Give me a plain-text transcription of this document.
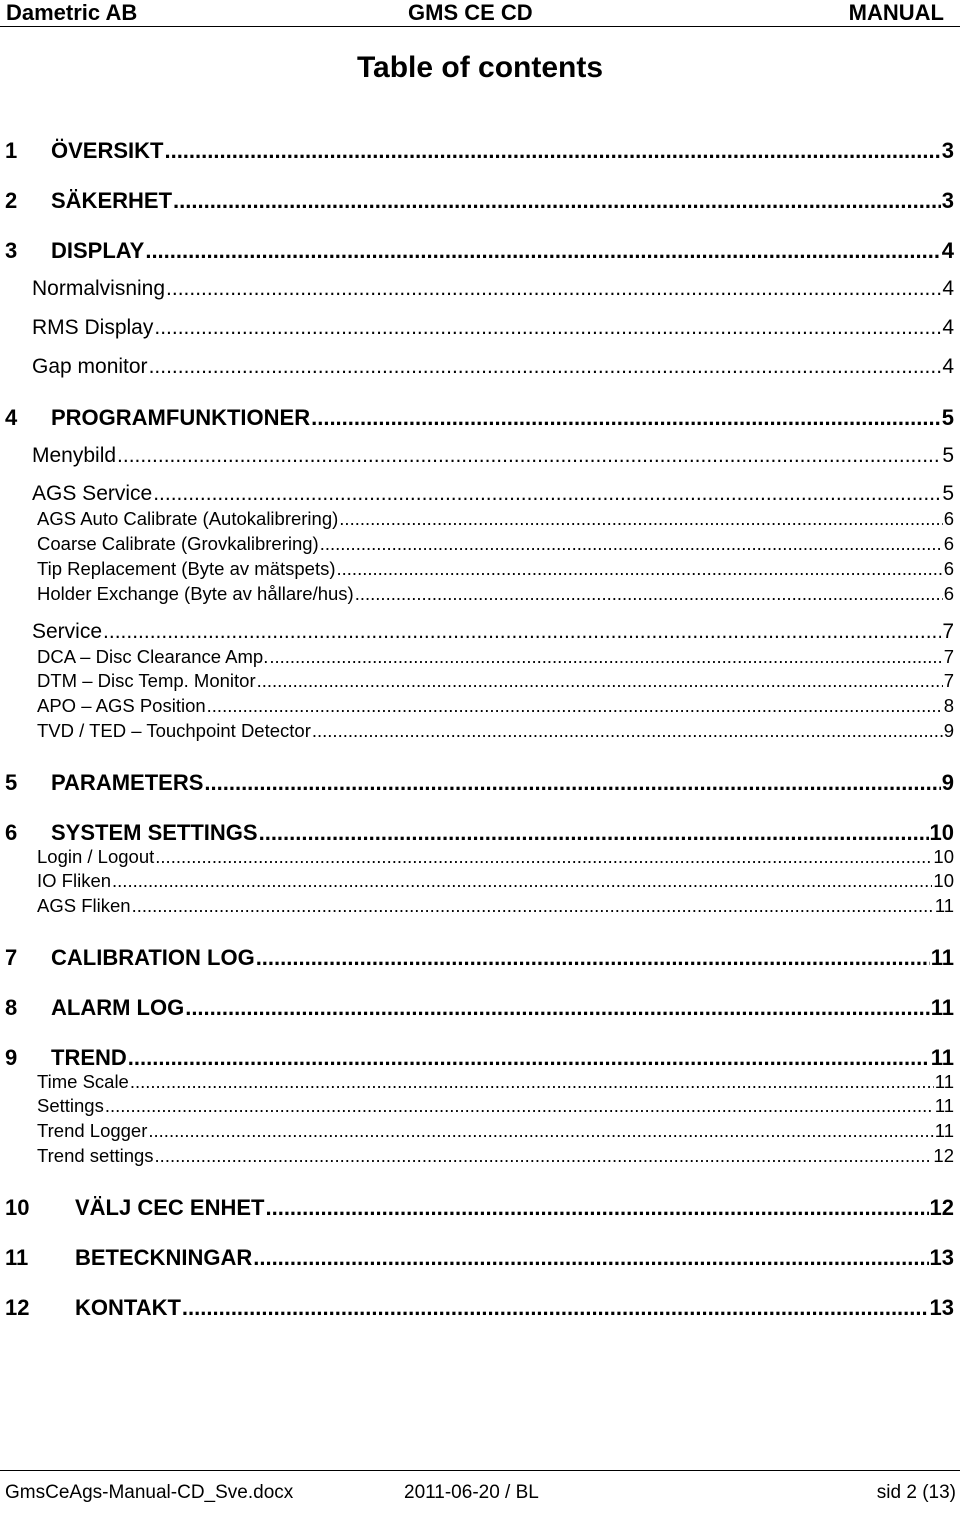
Dametric AB	GMS CE CD	MANUAL
Table of contents
1	ÖVERSIKT .....	3
2	SÄKERHET .....	3
3	DISPLAY .....	4
Normalvisning .....	4
RMS Display .....	4
Gap monitor .....	4
4	PROGRAMFUNKTIONER .....	5
Menybild .....	5
AGS Service .....	5
AGS Auto Calibrate (Autokalibrering) .....	6
Coarse Calibrate (Grovkalibrering) .....	6
Tip Replacement (Byte av mätspets) .....	6
Holder Exchange (Byte av hållare/hus) .....	6
Service .....	7
DCA – Disc Clearance Amp. .....	7
DTM – Disc Temp. Monitor .....	7
APO – AGS Position .....	8
TVD / TED – Touchpoint Detector .....	9
5	PARAMETERS .....	9
6	SYSTEM SETTINGS .....	10
Login / Logout .....	10
IO Fliken .....	10
AGS Fliken .....	11
7	CALIBRATION LOG .....	11
8	ALARM LOG .....	11
9	TREND .....	11
Time Scale .....	11
Settings .....	11
Trend Logger .....	11
Trend settings .....	12
10	VÄLJ CEC ENHET .....	12
11	BETECKNINGAR .....	13
12	KONTAKT .....	13
GmsCeAgs-Manual-CD_Sve.docx	2011-06-20 / BL	sid 2 (13)
